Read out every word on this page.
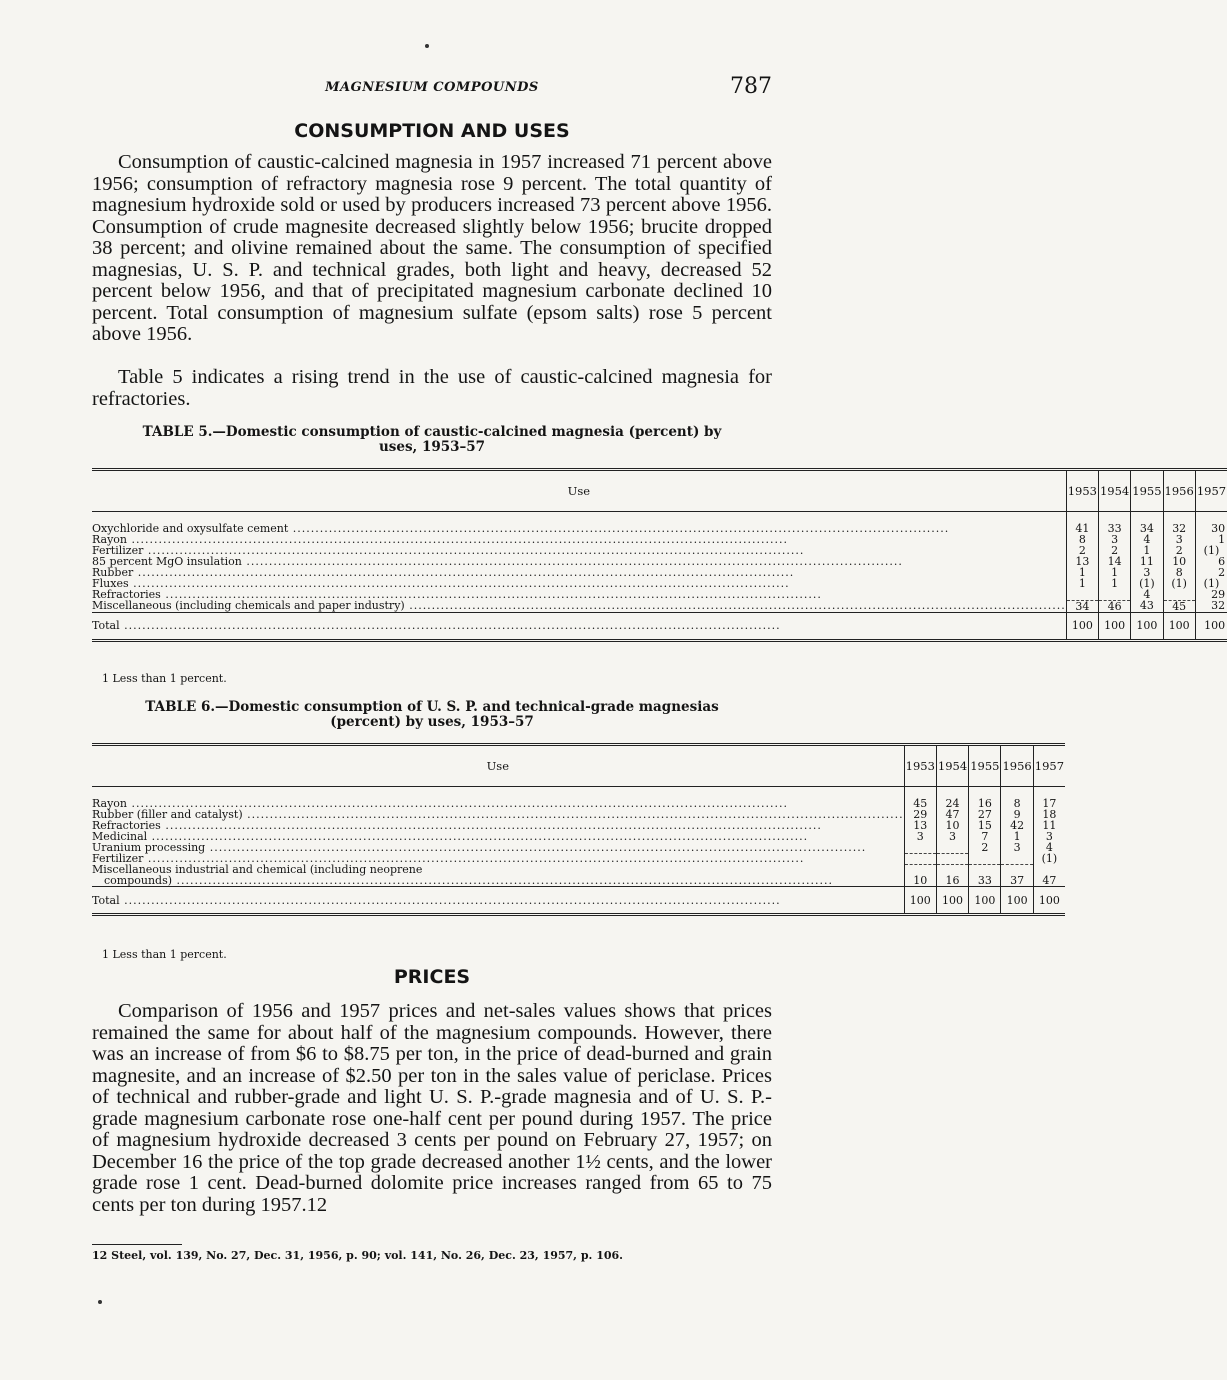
MAGNESIUM COMPOUNDS	787
CONSUMPTION AND USES

Consumption of caustic-calcined magnesia in 1957 increased 71 percent above 1956; consumption of refractory magnesia rose 9 percent. The total quantity of magnesium hydroxide sold or used by producers increased 73 percent above 1956. Consumption of crude magnesite decreased slightly below 1956; brucite dropped 38 percent; and olivine remained about the same. The consumption of specified magnesias, U. S. P. and technical grades, both light and heavy, decreased 52 percent below 1956, and that of precipitated magnesium carbonate declined 10 percent. Total consumption of magnesium sulfate (epsom salts) rose 5 percent above 1956.

Table 5 indicates a rising trend in the use of caustic-calcined magnesia for refractories.

TABLE 5.—Domestic consumption of caustic-calcined magnesia (percent) by
uses, 1953–57
Use	1953	1954	1955	1956	1957

Oxychloride and oxysulfate cement .....	41	33	34	32	30
Rayon .....	8	3	4	3	1
Fertilizer .....	2	2	1	2	(1)
85 percent MgO insulation .....	13	14	11	10	6
Rubber .....	1	1	3	8	2
Fluxes .....	1	1	(1)	(1)	(1)
Refractories .....			4		29
Miscellaneous (including chemicals and paper industry) .....	34	46	43	45	32
Total .....	100	100	100	100	100
1 Less than 1 percent.
TABLE 6.—Domestic consumption of U. S. P. and technical-grade magnesias
(percent) by uses, 1953–57
Use	1953	1954	1955	1956	1957

Rayon .....	45	24	16	8	17
Rubber (filler and catalyst) .....	29	47	27	9	18
Refractories .....	13	10	15	42	11
Medicinal .....	3	3	7	1	3
Uranium processing .....			2	3	4
Fertilizer .....					(1)

Miscellaneous industrial and chemical (including neoprene
compounds) .....	10	16	33	37	47
Total .....	100	100	100	100	100
1 Less than 1 percent.
PRICES

Comparison of 1956 and 1957 prices and net-sales values shows that prices remained the same for about half of the magnesium compounds. However, there was an increase of from $6 to $8.75 per ton, in the price of dead-burned and grain magnesite, and an increase of $2.50 per ton in the sales value of periclase. Prices of technical and rubber-grade and light U. S. P.-grade magnesia and of U. S. P.-grade magnesium carbonate rose one-half cent per pound during 1957. The price of magnesium hydroxide decreased 3 cents per pound on February 27, 1957; on December 16 the price of the top grade decreased another 1½ cents, and the lower grade rose 1 cent. Dead-burned dolomite price increases ranged from 65 to 75 cents per ton during 1957.12

12 Steel, vol. 139, No. 27, Dec. 31, 1956, p. 90; vol. 141, No. 26, Dec. 23, 1957, p. 106.
